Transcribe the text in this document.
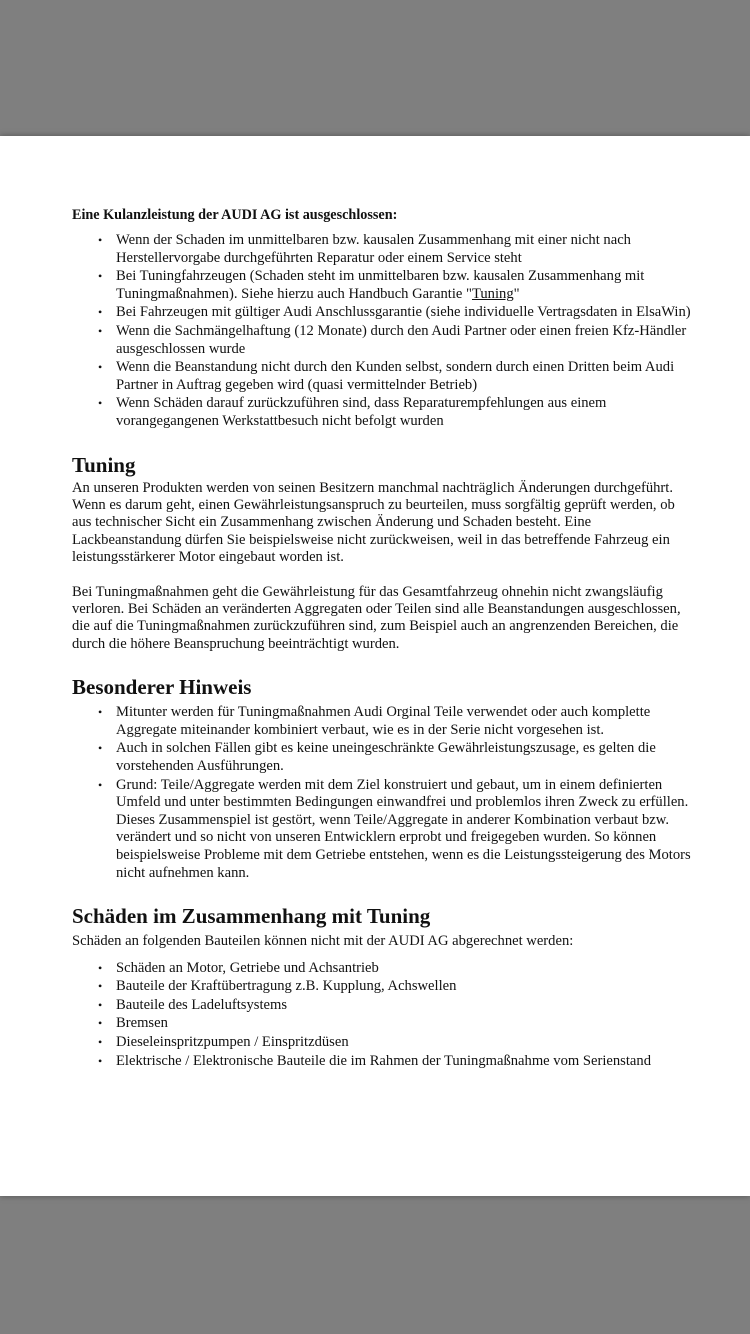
Eine Kulanzleistung der AUDI AG ist ausgeschlossen:
• Wenn der Schaden im unmittelbaren bzw. kausalen Zusammenhang mit einer nicht nach Herstellervorgabe durchgeführten Reparatur oder einem Service steht
• Bei Tuningfahrzeugen (Schaden steht im unmittelbaren bzw. kausalen Zusammenhang mit Tuningmaßnahmen). Siehe hierzu auch Handbuch Garantie "Tuning"
• Bei Fahrzeugen mit gültiger Audi Anschlussgarantie (siehe individuelle Vertragsdaten in ElsaWin)
• Wenn die Sachmängelhaftung (12 Monate) durch den Audi Partner oder einen freien Kfz-Händler ausgeschlossen wurde
• Wenn die Beanstandung nicht durch den Kunden selbst, sondern durch einen Dritten beim Audi Partner in Auftrag gegeben wird (quasi vermittelnder Betrieb)
• Wenn Schäden darauf zurückzuführen sind, dass Reparaturempfehlungen aus einem vorangegangenen Werkstattbesuch nicht befolgt wurden
Tuning

An unseren Produkten werden von seinen Besitzern manchmal nachträglich Änderungen durchgeführt. Wenn es darum geht, einen Gewährleistungsanspruch zu beurteilen, muss sorgfältig geprüft werden, ob aus technischer Sicht ein Zusammenhang zwischen Änderung und Schaden besteht. Eine Lackbeanstandung dürfen Sie beispielsweise nicht zurückweisen, weil in das betreffende Fahrzeug ein leistungsstärkerer Motor eingebaut worden ist.

Bei Tuningmaßnahmen geht die Gewährleistung für das Gesamtfahrzeug ohnehin nicht zwangsläufig verloren. Bei Schäden an veränderten Aggregaten oder Teilen sind alle Beanstandungen ausgeschlossen, die auf die Tuningmaßnahmen zurückzuführen sind, zum Beispiel auch an angrenzenden Bereichen, die durch die höhere Beanspruchung beeinträchtigt wurden.

Besonderer Hinweis
• Mitunter werden für Tuningmaßnahmen Audi Orginal Teile verwendet oder auch komplette Aggregate miteinander kombiniert verbaut, wie es in der Serie nicht vorgesehen ist.
• Auch in solchen Fällen gibt es keine uneingeschränkte Gewährleistungszusage, es gelten die vorstehenden Ausführungen.
• Grund: Teile/Aggregate werden mit dem Ziel konstruiert und gebaut, um in einem definierten Umfeld und unter bestimmten Bedingungen einwandfrei und problemlos ihren Zweck zu erfüllen. Dieses Zusammenspiel ist gestört, wenn Teile/Aggregate in anderer Kombination verbaut bzw. verändert und so nicht von unseren Entwicklern erprobt und freigegeben wurden. So können beispielsweise Probleme mit dem Getriebe entstehen, wenn es die Leistungssteigerung des Motors nicht aufnehmen kann.
Schäden im Zusammenhang mit Tuning

Schäden an folgenden Bauteilen können nicht mit der AUDI AG abgerechnet werden:

• Schäden an Motor, Getriebe und Achsantrieb
• Bauteile der Kraftübertragung z.B. Kupplung, Achswellen
• Bauteile des Ladeluftsystems
• Bremsen
• Dieseleinspritzpumpen / Einspritzdüsen
• Elektrische / Elektronische Bauteile die im Rahmen der Tuningmaßnahme vom Serienstand
